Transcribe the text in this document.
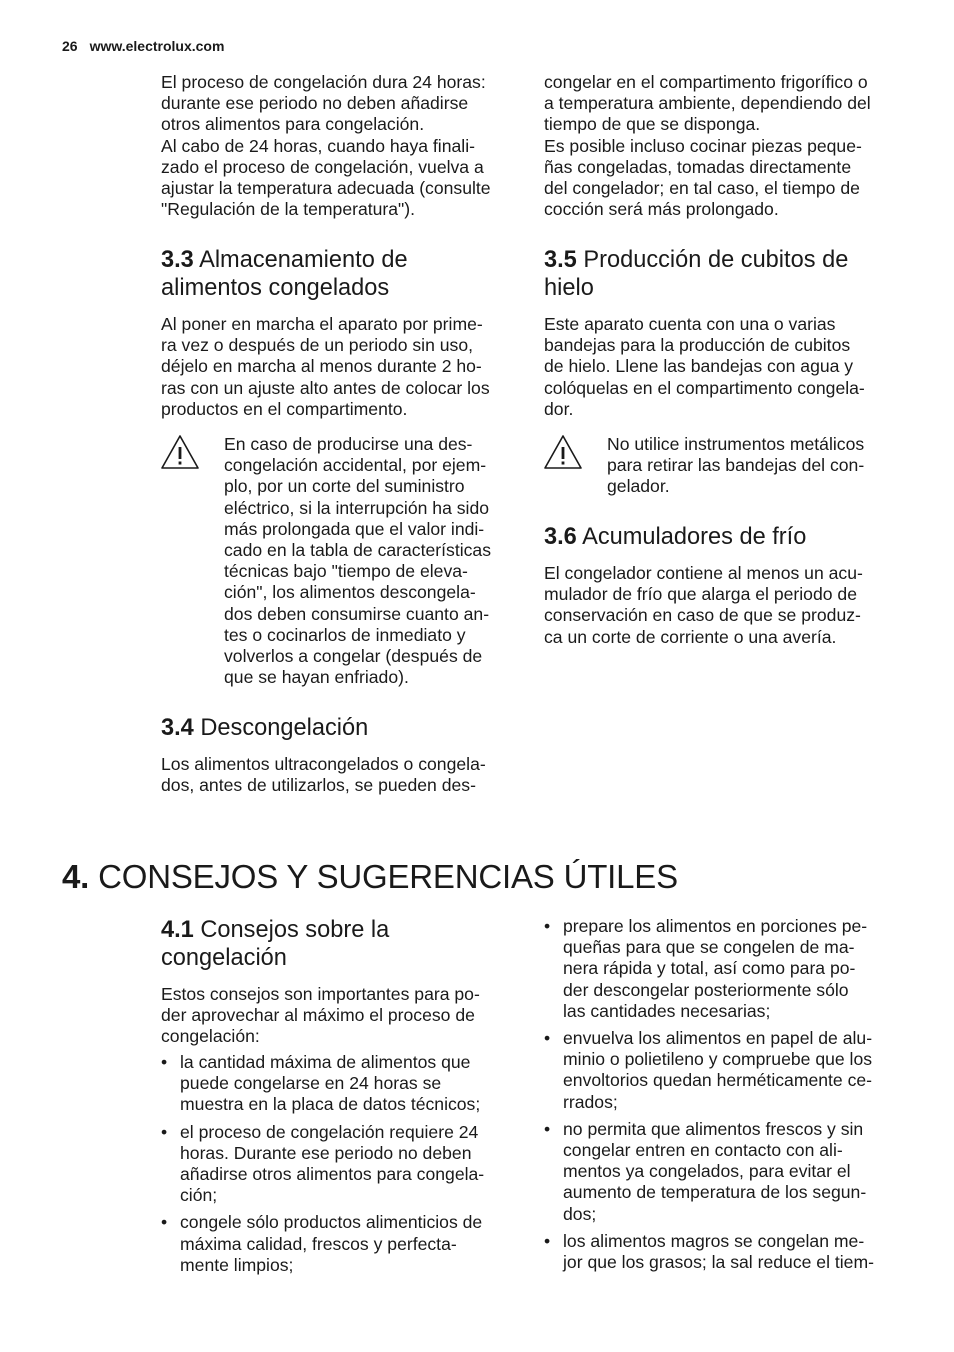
26 www.electrolux.com

El proceso de congelación dura 24 horas:

durante ese periodo no deben añadirse

otros alimentos para congelación.

Al cabo de 24 horas, cuando haya finali-

zado el proceso de congelación, vuelva a

ajustar la temperatura adecuada (consulte

"Regulación de la temperatura").

3.3 Almacenamiento de
alimentos congelados

Al poner en marcha el aparato por prime-

ra vez o después de un periodo sin uso,

déjelo en marcha al menos durante 2 ho-

ras con un ajuste alto antes de colocar los

productos en el compartimento.

En caso de producirse una des-

congelación accidental, por ejem-

plo, por un corte del suministro

eléctrico, si la interrupción ha sido

más prolongada que el valor indi-

cado en la tabla de características

técnicas bajo "tiempo de eleva-

ción", los alimentos descongela-

dos deben consumirse cuanto an-

tes o cocinarlos de inmediato y

volverlos a congelar (después de

que se hayan enfriado).

3.4 Descongelación

Los alimentos ultracongelados o congela-

dos, antes de utilizarlos, se pueden des-

congelar en el compartimento frigorífico o

a temperatura ambiente, dependiendo del

tiempo de que se disponga.

Es posible incluso cocinar piezas peque-

ñas congeladas, tomadas directamente

del congelador; en tal caso, el tiempo de

cocción será más prolongado.

3.5 Producción de cubitos de
hielo

Este aparato cuenta con una o varias

bandejas para la producción de cubitos

de hielo. Llene las bandejas con agua y

colóquelas en el compartimento congela-

dor.

No utilice instrumentos metálicos

para retirar las bandejas del con-

gelador.

3.6 Acumuladores de frío

El congelador contiene al menos un acu-

mulador de frío que alarga el periodo de

conservación en caso de que se produz-

ca un corte de corriente o una avería.

4. CONSEJOS Y SUGERENCIAS ÚTILES
4.1 Consejos sobre la
congelación

Estos consejos son importantes para po-

der aprovechar al máximo el proceso de

congelación:

• la cantidad máxima de alimentos que

puede congelarse en 24 horas se

muestra en la placa de datos técnicos;

• el proceso de congelación requiere 24

horas. Durante ese periodo no deben

añadirse otros alimentos para congela-

ción;

• congele sólo productos alimenticios de

máxima calidad, frescos y perfecta-

mente limpios;

• prepare los alimentos en porciones pe-

queñas para que se congelen de ma-

nera rápida y total, así como para po-

der descongelar posteriormente sólo

las cantidades necesarias;

• envuelva los alimentos en papel de alu-

minio o polietileno y compruebe que los

envoltorios quedan herméticamente ce-

rrados;

• no permita que alimentos frescos y sin

congelar entren en contacto con ali-

mentos ya congelados, para evitar el

aumento de temperatura de los segun-

dos;

• los alimentos magros se congelan me-

jor que los grasos; la sal reduce el tiem-
